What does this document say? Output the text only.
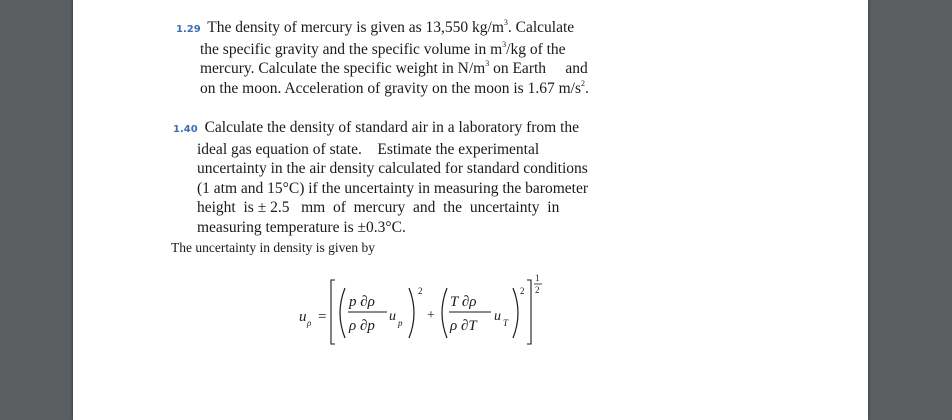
1.29 The density of mercury is given as 13,550 $kg/m^3$. Calculate
the specific gravity and the specific volume in $m^3/kg$ of the
mercury. Calculate the specific weight in $N/m^3$ on Earth     and
on the moon. Acceleration of gravity on the moon is 1.67 $m/s^2$.
1.40 Calculate the density of standard air in a laboratory from the
ideal gas equation of state.    Estimate the experimental
uncertainty in the air density calculated for standard conditions
(1 atm and 15°C) if the uncertainty in measuring the barometer
height  is ± 2.5   mm  of  mercury  and  the  uncertainty  in
measuring temperature is ±0.3°C.
The uncertainty in density is given by
u ρ =
p ∂ρ
ρ ∂p
u p
2
+
T ∂ρ
ρ ∂T
u T
2
1
2
